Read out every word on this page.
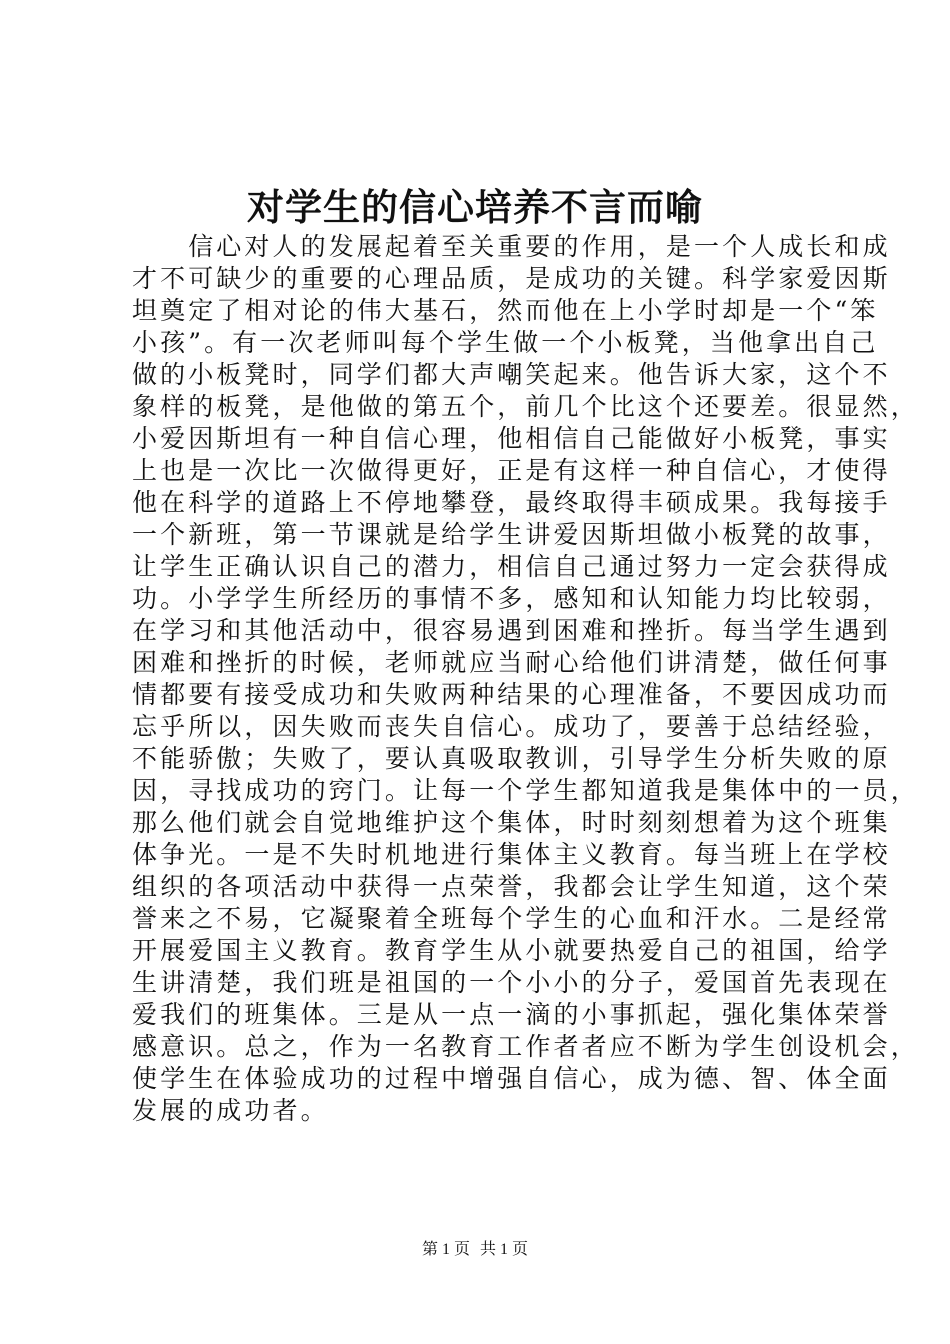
对学生的信心培养不言而喻
　　信心对人的发展起着至关重要的作用，是一个人成长和成
才不可缺少的重要的心理品质，是成功的关键。科学家爱因斯
坦奠定了相对论的伟大基石，然而他在上小学时却是一个“笨
小孩”。有一次老师叫每个学生做一个小板凳，当他拿出自己
做的小板凳时，同学们都大声嘲笑起来。他告诉大家，这个不
象样的板凳，是他做的第五个，前几个比这个还要差。很显然，
小爱因斯坦有一种自信心理，他相信自己能做好小板凳，事实
上也是一次比一次做得更好，正是有这样一种自信心，才使得
他在科学的道路上不停地攀登，最终取得丰硕成果。我每接手
一个新班，第一节课就是给学生讲爱因斯坦做小板凳的故事，
让学生正确认识自己的潜力，相信自己通过努力一定会获得成
功。小学学生所经历的事情不多，感知和认知能力均比较弱，
在学习和其他活动中，很容易遇到困难和挫折。每当学生遇到
困难和挫折的时候，老师就应当耐心给他们讲清楚，做任何事
情都要有接受成功和失败两种结果的心理准备，不要因成功而
忘乎所以，因失败而丧失自信心。成功了，要善于总结经验，
不能骄傲；失败了，要认真吸取教训，引导学生分析失败的原
因，寻找成功的窍门。让每一个学生都知道我是集体中的一员，
那么他们就会自觉地维护这个集体，时时刻刻想着为这个班集
体争光。一是不失时机地进行集体主义教育。每当班上在学校
组织的各项活动中获得一点荣誉，我都会让学生知道，这个荣
誉来之不易，它凝聚着全班每个学生的心血和汗水。二是经常
开展爱国主义教育。教育学生从小就要热爱自己的祖国，给学
生讲清楚，我们班是祖国的一个小小的分子，爱国首先表现在
爱我们的班集体。三是从一点一滴的小事抓起，强化集体荣誉
感意识。总之，作为一名教育工作者者应不断为学生创设机会，
使学生在体验成功的过程中增强自信心，成为德、智、体全面
发展的成功者。
第 1 页 共 1 页
